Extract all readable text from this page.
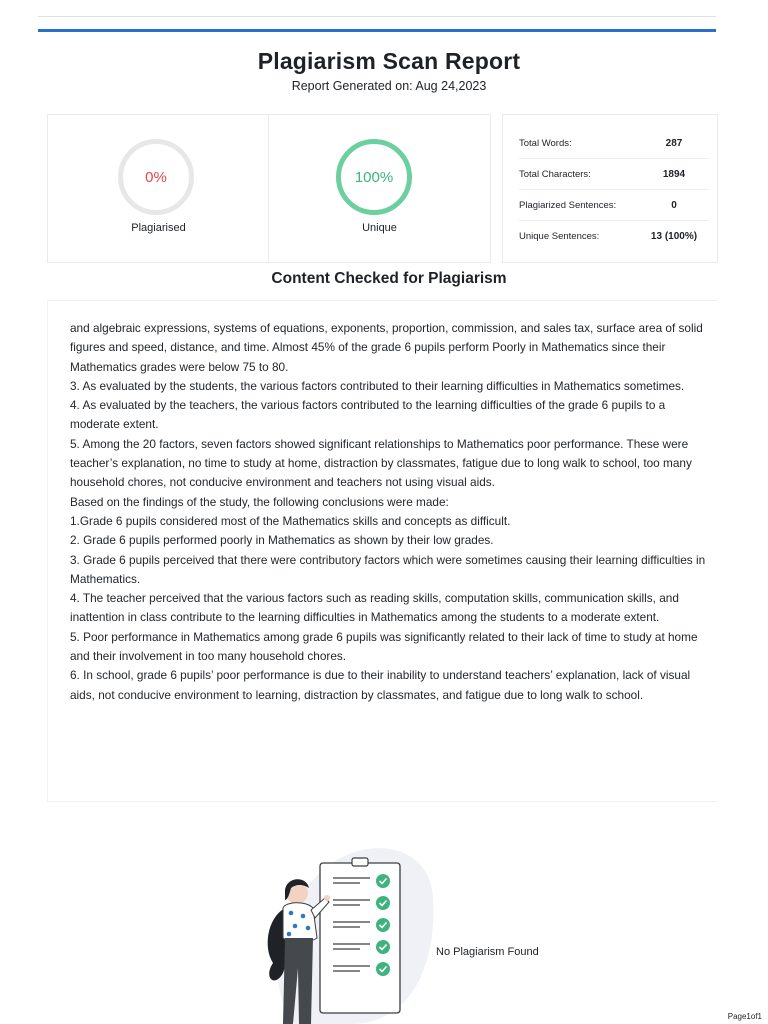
Plagiarism Scan Report
Report Generated on: Aug 24,2023
0%
Plagiarised
100%
Unique
Total Words:	287
Total Characters:	1894
Plagiarized Sentences:	0
Unique Sentences:	13 (100%)
Content Checked for Plagiarism

and algebraic expressions, systems of equations, exponents, proportion, commission, and sales tax, surface area of solid figures and speed, distance, and time. Almost 45% of the grade 6 pupils perform Poorly in Mathematics since their Mathematics grades were below 75 to 80.

3. As evaluated by the students, the various factors contributed to their learning difficulties in Mathematics sometimes.

4. As evaluated by the teachers, the various factors contributed to the learning difficulties of the grade 6 pupils to a moderate extent.

5. Among the 20 factors, seven factors showed significant relationships to Mathematics poor performance. These were teacher’s explanation, no time to study at home, distraction by classmates, fatigue due to long walk to school, too many household chores, not conducive environment and teachers not using visual aids.

Based on the findings of the study, the following conclusions were made:

1.Grade 6 pupils considered most of the Mathematics skills and concepts as difficult.

2. Grade 6 pupils performed poorly in Mathematics as shown by their low grades.

3. Grade 6 pupils perceived that there were contributory factors which were sometimes causing their learning difficulties in Mathematics.

4. The teacher perceived that the various factors such as reading skills, computation skills, communication skills, and inattention in class contribute to the learning difficulties in Mathematics among the students to a moderate extent.

5. Poor performance in Mathematics among grade 6 pupils was significantly related to their lack of time to study at home and their involvement in too many household chores.

6. In school, grade 6 pupils’ poor performance is due to their inability to understand teachers’ explanation, lack of visual aids, not conducive environment to learning, distraction by classmates, and fatigue due to long walk to school.

No Plagiarism Found
Page1of1
